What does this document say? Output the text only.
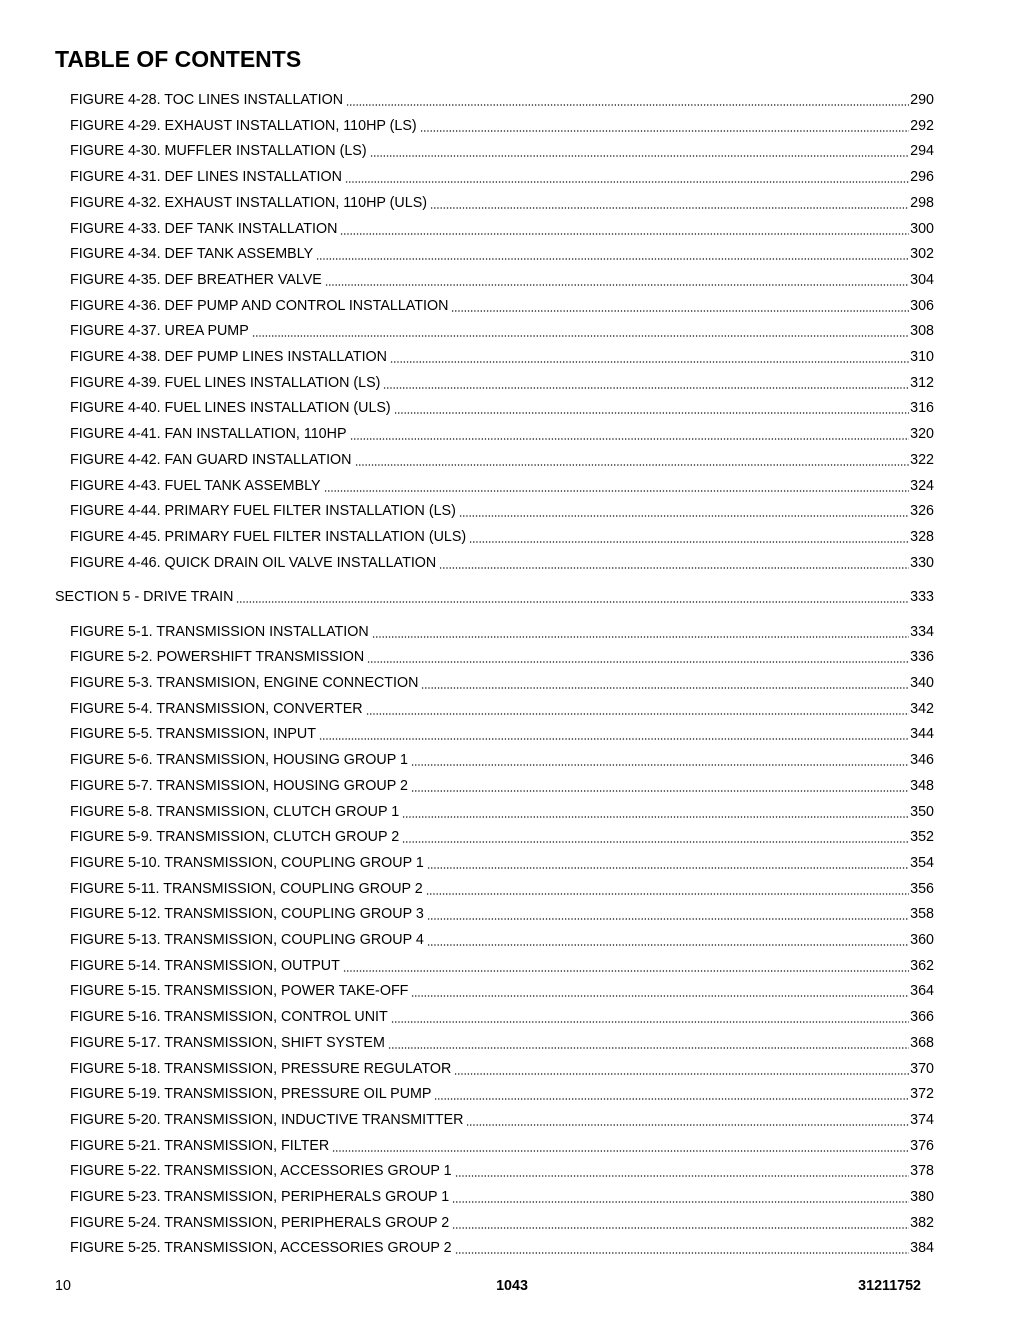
TABLE OF CONTENTS
FIGURE 4-28. TOC LINES INSTALLATION	290
FIGURE 4-29. EXHAUST INSTALLATION, 110HP (LS)	292
FIGURE 4-30. MUFFLER INSTALLATION (LS)	294
FIGURE 4-31. DEF LINES INSTALLATION	296
FIGURE 4-32. EXHAUST INSTALLATION, 110HP (ULS)	298
FIGURE 4-33. DEF TANK INSTALLATION	300
FIGURE 4-34. DEF TANK ASSEMBLY	302
FIGURE 4-35. DEF BREATHER VALVE	304
FIGURE 4-36. DEF PUMP AND CONTROL INSTALLATION	306
FIGURE 4-37. UREA PUMP	308
FIGURE 4-38. DEF PUMP LINES INSTALLATION	310
FIGURE 4-39. FUEL LINES INSTALLATION (LS)	312
FIGURE 4-40. FUEL LINES INSTALLATION (ULS)	316
FIGURE 4-41. FAN INSTALLATION, 110HP	320
FIGURE 4-42. FAN GUARD INSTALLATION	322
FIGURE 4-43. FUEL TANK ASSEMBLY	324
FIGURE 4-44. PRIMARY FUEL FILTER INSTALLATION (LS)	326
FIGURE 4-45. PRIMARY FUEL FILTER INSTALLATION (ULS)	328
FIGURE 4-46. QUICK DRAIN OIL VALVE INSTALLATION	330
SECTION 5 - DRIVE TRAIN	333
FIGURE 5-1. TRANSMISSION INSTALLATION	334
FIGURE 5-2. POWERSHIFT TRANSMISSION	336
FIGURE 5-3. TRANSMISION, ENGINE CONNECTION	340
FIGURE 5-4. TRANSMISSION, CONVERTER	342
FIGURE 5-5. TRANSMISSION, INPUT	344
FIGURE 5-6. TRANSMISSION, HOUSING GROUP 1	346
FIGURE 5-7. TRANSMISSION, HOUSING GROUP 2	348
FIGURE 5-8. TRANSMISSION, CLUTCH GROUP 1	350
FIGURE 5-9. TRANSMISSION, CLUTCH GROUP 2	352
FIGURE 5-10. TRANSMISSION, COUPLING GROUP 1	354
FIGURE 5-11. TRANSMISSION, COUPLING GROUP 2	356
FIGURE 5-12. TRANSMISSION, COUPLING GROUP 3	358
FIGURE 5-13. TRANSMISSION, COUPLING GROUP 4	360
FIGURE 5-14. TRANSMISSION, OUTPUT	362
FIGURE 5-15. TRANSMISSION, POWER TAKE-OFF	364
FIGURE 5-16. TRANSMISSION, CONTROL UNIT	366
FIGURE 5-17. TRANSMISSION, SHIFT SYSTEM	368
FIGURE 5-18. TRANSMISSION, PRESSURE REGULATOR	370
FIGURE 5-19. TRANSMISSION, PRESSURE OIL PUMP	372
FIGURE 5-20. TRANSMISSION, INDUCTIVE TRANSMITTER	374
FIGURE 5-21. TRANSMISSION, FILTER	376
FIGURE 5-22. TRANSMISSION, ACCESSORIES GROUP 1	378
FIGURE 5-23. TRANSMISSION, PERIPHERALS GROUP 1	380
FIGURE 5-24. TRANSMISSION, PERIPHERALS GROUP 2	382
FIGURE 5-25. TRANSMISSION, ACCESSORIES GROUP 2	384
10	1043	31211752
